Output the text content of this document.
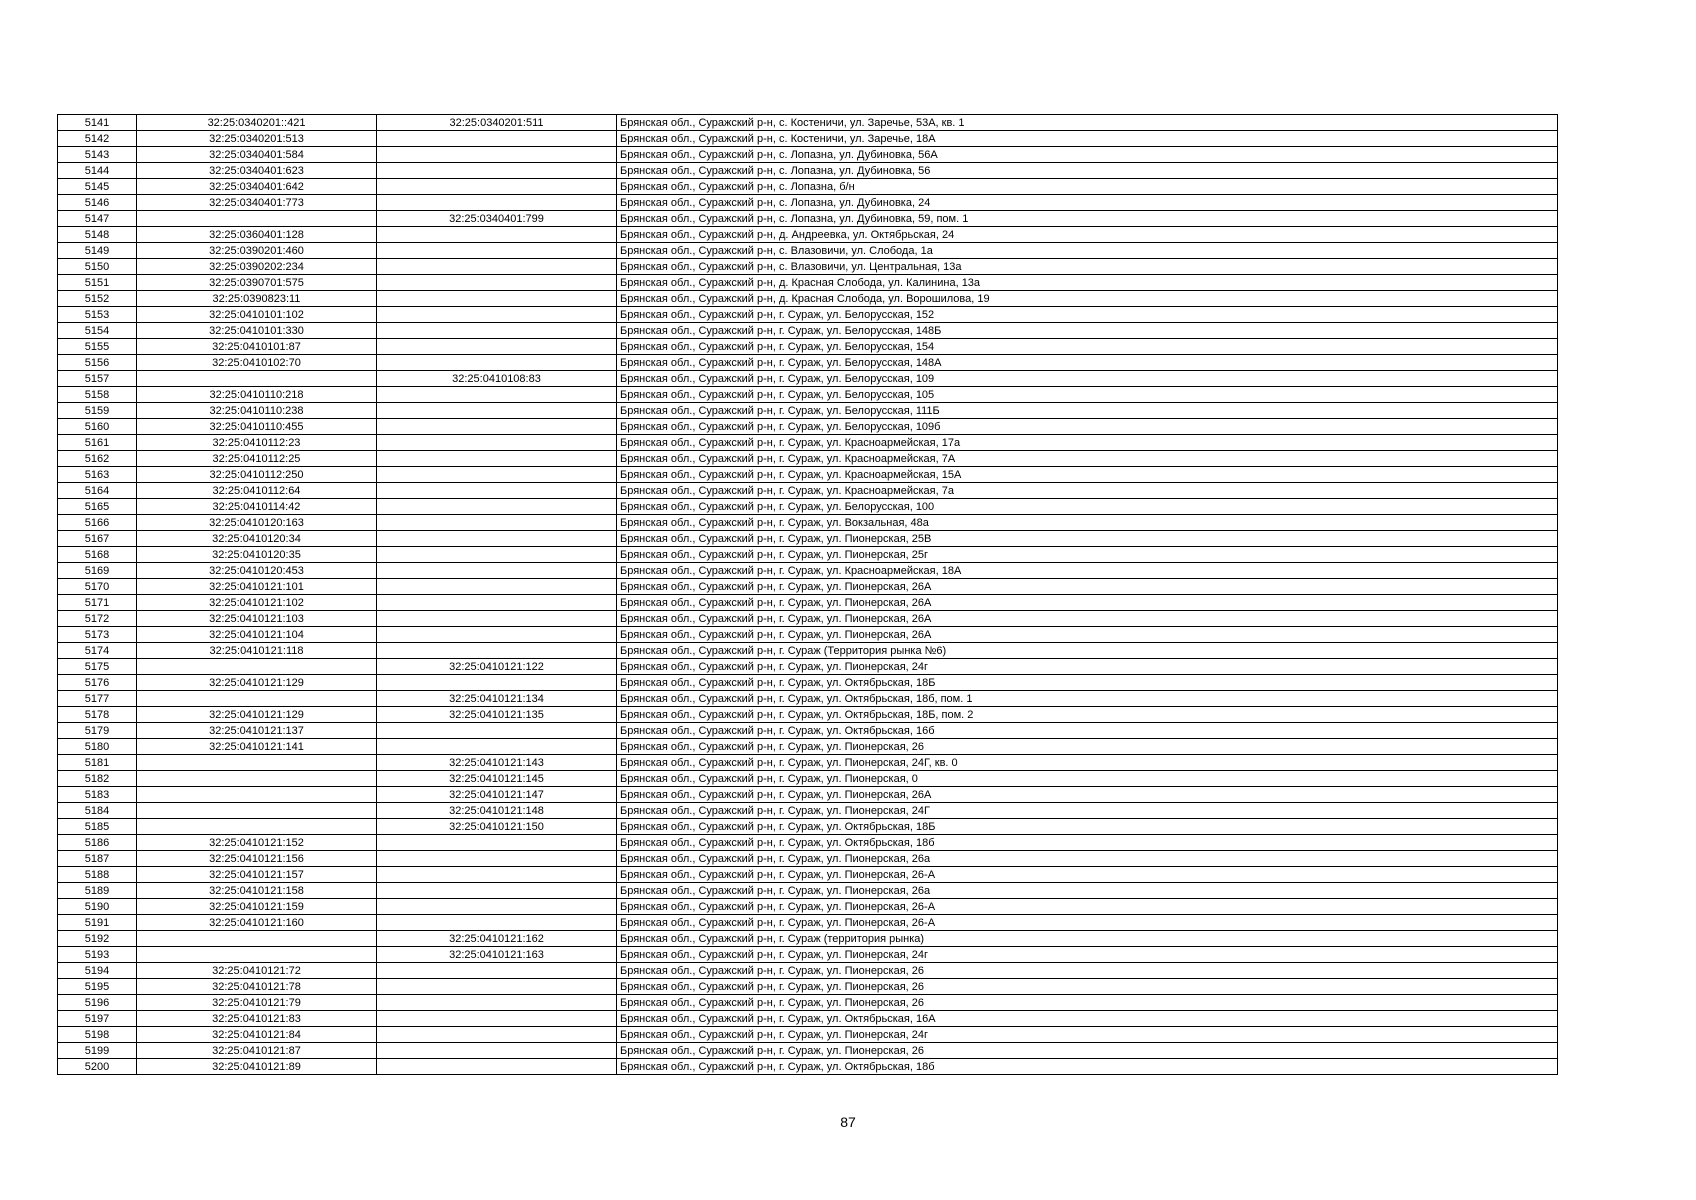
5141	32:25:0340201::421	32:25:0340201:511	Брянская обл., Суражский р-н, с. Костеничи, ул. Заречье, 53А, кв. 1
5142	32:25:0340201:513		Брянская обл., Суражский р-н, с. Костеничи, ул. Заречье, 18А
5143	32:25:0340401:584		Брянская обл., Суражский р-н, с. Лопазна, ул. Дубиновка, 56А
5144	32:25:0340401:623		Брянская обл., Суражский р-н, с. Лопазна, ул. Дубиновка, 56
5145	32:25:0340401:642		Брянская обл., Суражский р-н, с. Лопазна, б/н
5146	32:25:0340401:773		Брянская обл., Суражский р-н, с. Лопазна, ул. Дубиновка, 24
5147		32:25:0340401:799	Брянская обл., Суражский р-н, с. Лопазна, ул. Дубиновка, 59, пом. 1
5148	32:25:0360401:128		Брянская обл., Суражский р-н, д. Андреевка, ул. Октябрьская, 24
5149	32:25:0390201:460		Брянская обл., Суражский р-н, с. Влазовичи, ул. Слобода, 1а
5150	32:25:0390202:234		Брянская обл., Суражский р-н, с. Влазовичи, ул. Центральная, 13а
5151	32:25:0390701:575		Брянская обл., Суражский р-н, д. Красная Слобода, ул. Калинина, 13а
5152	32:25:0390823:11		Брянская обл., Суражский р-н, д. Красная Слобода, ул. Ворошилова, 19
5153	32:25:0410101:102		Брянская обл., Суражский р-н, г. Сураж, ул. Белорусская, 152
5154	32:25:0410101:330		Брянская обл., Суражский р-н, г. Сураж, ул. Белорусская, 148Б
5155	32:25:0410101:87		Брянская обл., Суражский р-н, г. Сураж, ул. Белорусская, 154
5156	32:25:0410102:70		Брянская обл., Суражский р-н, г. Сураж, ул. Белорусская, 148А
5157		32:25:0410108:83	Брянская обл., Суражский р-н, г. Сураж, ул. Белорусская, 109
5158	32:25:0410110:218		Брянская обл., Суражский р-н, г. Сураж, ул. Белорусская, 105
5159	32:25:0410110:238		Брянская обл., Суражский р-н, г. Сураж, ул. Белорусская, 111Б
5160	32:25:0410110:455		Брянская обл., Суражский р-н, г. Сураж, ул. Белорусская, 109б
5161	32:25:0410112:23		Брянская обл., Суражский р-н, г. Сураж, ул. Красноармейская, 17а
5162	32:25:0410112:25		Брянская обл., Суражский р-н, г. Сураж, ул. Красноармейская, 7А
5163	32:25:0410112:250		Брянская обл., Суражский р-н, г. Сураж, ул. Красноармейская, 15А
5164	32:25:0410112:64		Брянская обл., Суражский р-н, г. Сураж, ул. Красноармейская, 7а
5165	32:25:0410114:42		Брянская обл., Суражский р-н, г. Сураж, ул. Белорусская, 100
5166	32:25:0410120:163		Брянская обл., Суражский р-н, г. Сураж, ул. Вокзальная, 48а
5167	32:25:0410120:34		Брянская обл., Суражский р-н, г. Сураж, ул. Пионерская, 25В
5168	32:25:0410120:35		Брянская обл., Суражский р-н, г. Сураж, ул. Пионерская, 25г
5169	32:25:0410120:453		Брянская обл., Суражский р-н, г. Сураж, ул. Красноармейская, 18А
5170	32:25:0410121:101		Брянская обл., Суражский р-н, г. Сураж, ул. Пионерская, 26А
5171	32:25:0410121:102		Брянская обл., Суражский р-н, г. Сураж, ул. Пионерская, 26А
5172	32:25:0410121:103		Брянская обл., Суражский р-н, г. Сураж, ул. Пионерская, 26А
5173	32:25:0410121:104		Брянская обл., Суражский р-н, г. Сураж, ул. Пионерская, 26А
5174	32:25:0410121:118		Брянская обл., Суражский р-н, г. Сураж (Территория рынка №6)
5175		32:25:0410121:122	Брянская обл., Суражский р-н, г. Сураж, ул. Пионерская, 24г
5176	32:25:0410121:129		Брянская обл., Суражский р-н, г. Сураж, ул. Октябрьская, 18Б
5177		32:25:0410121:134	Брянская обл., Суражский р-н, г. Сураж, ул. Октябрьская, 18б, пом. 1
5178	32:25:0410121:129	32:25:0410121:135	Брянская обл., Суражский р-н, г. Сураж, ул. Октябрьская, 18Б, пом. 2
5179	32:25:0410121:137		Брянская обл., Суражский р-н, г. Сураж, ул. Октябрьская, 16б
5180	32:25:0410121:141		Брянская обл., Суражский р-н, г. Сураж, ул. Пионерская, 26
5181		32:25:0410121:143	Брянская обл., Суражский р-н, г. Сураж, ул. Пионерская, 24Г, кв. 0
5182		32:25:0410121:145	Брянская обл., Суражский р-н, г. Сураж, ул. Пионерская, 0
5183		32:25:0410121:147	Брянская обл., Суражский р-н, г. Сураж, ул. Пионерская, 26А
5184		32:25:0410121:148	Брянская обл., Суражский р-н, г. Сураж, ул. Пионерская, 24Г
5185		32:25:0410121:150	Брянская обл., Суражский р-н, г. Сураж, ул. Октябрьская, 18Б
5186	32:25:0410121:152		Брянская обл., Суражский р-н, г. Сураж, ул. Октябрьская, 18б
5187	32:25:0410121:156		Брянская обл., Суражский р-н, г. Сураж, ул. Пионерская, 26а
5188	32:25:0410121:157		Брянская обл., Суражский р-н, г. Сураж, ул. Пионерская, 26-А
5189	32:25:0410121:158		Брянская обл., Суражский р-н, г. Сураж, ул. Пионерская, 26а
5190	32:25:0410121:159		Брянская обл., Суражский р-н, г. Сураж, ул. Пионерская, 26-А
5191	32:25:0410121:160		Брянская обл., Суражский р-н, г. Сураж, ул. Пионерская, 26-А
5192		32:25:0410121:162	Брянская обл., Суражский р-н, г. Сураж (территория рынка)
5193		32:25:0410121:163	Брянская обл., Суражский р-н, г. Сураж, ул. Пионерская, 24г
5194	32:25:0410121:72		Брянская обл., Суражский р-н, г. Сураж, ул. Пионерская, 26
5195	32:25:0410121:78		Брянская обл., Суражский р-н, г. Сураж, ул. Пионерская, 26
5196	32:25:0410121:79		Брянская обл., Суражский р-н, г. Сураж, ул. Пионерская, 26
5197	32:25:0410121:83		Брянская обл., Суражский р-н, г. Сураж, ул. Октябрьская, 16А
5198	32:25:0410121:84		Брянская обл., Суражский р-н, г. Сураж, ул. Пионерская, 24г
5199	32:25:0410121:87		Брянская обл., Суражский р-н, г. Сураж, ул. Пионерская, 26
5200	32:25:0410121:89		Брянская обл., Суражский р-н, г. Сураж, ул. Октябрьская, 18б
87
